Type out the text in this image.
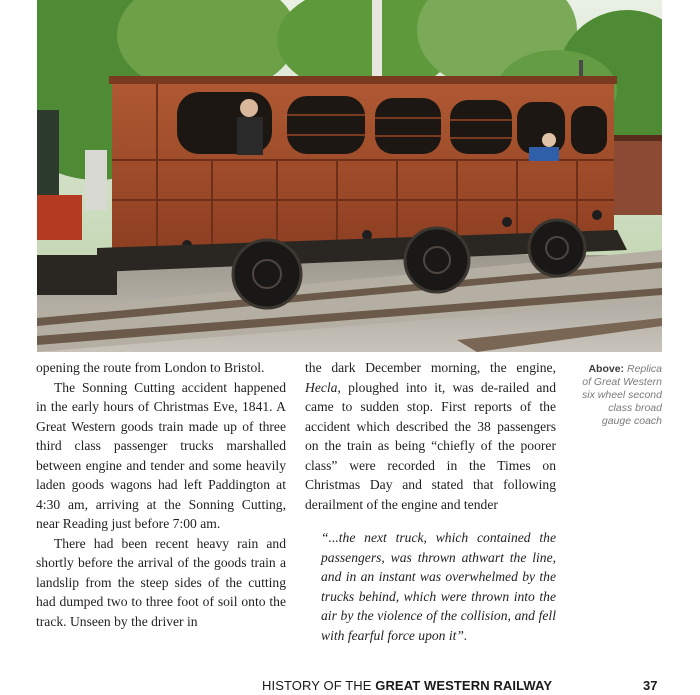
opening the route from London to Bristol.

The Sonning Cutting accident happened in the early hours of Christmas Eve, 1841. A Great Western goods train made up of three third class passenger trucks marshalled between engine and tender and some heavily laden goods wagons had left Paddington at 4:30 am, arriving at the Sonning Cutting, near Reading just before 7:00 am.

There had been recent heavy rain and shortly before the arrival of the goods train a landslip from the steep sides of the cutting had dumped two to three foot of soil onto the track. Unseen by the driver in

the dark December morning, the engine, Hecla, ploughed into it, was de-railed and came to sudden stop. First reports of the accident which described the 38 passengers on the train as being “chiefly of the poorer class” were recorded in the Times on Christmas Day and stated that following derailment of the engine and tender

“...the next truck, which contained the passengers, was thrown athwart the line, and in an instant was overwhelmed by the trucks behind, which were thrown into the air by the violence of the collision, and fell with fearful force upon it”.

Above: Replica of Great Western six wheel second class broad gauge coach
HISTORY OF THE GREAT WESTERN RAILWAY	37
